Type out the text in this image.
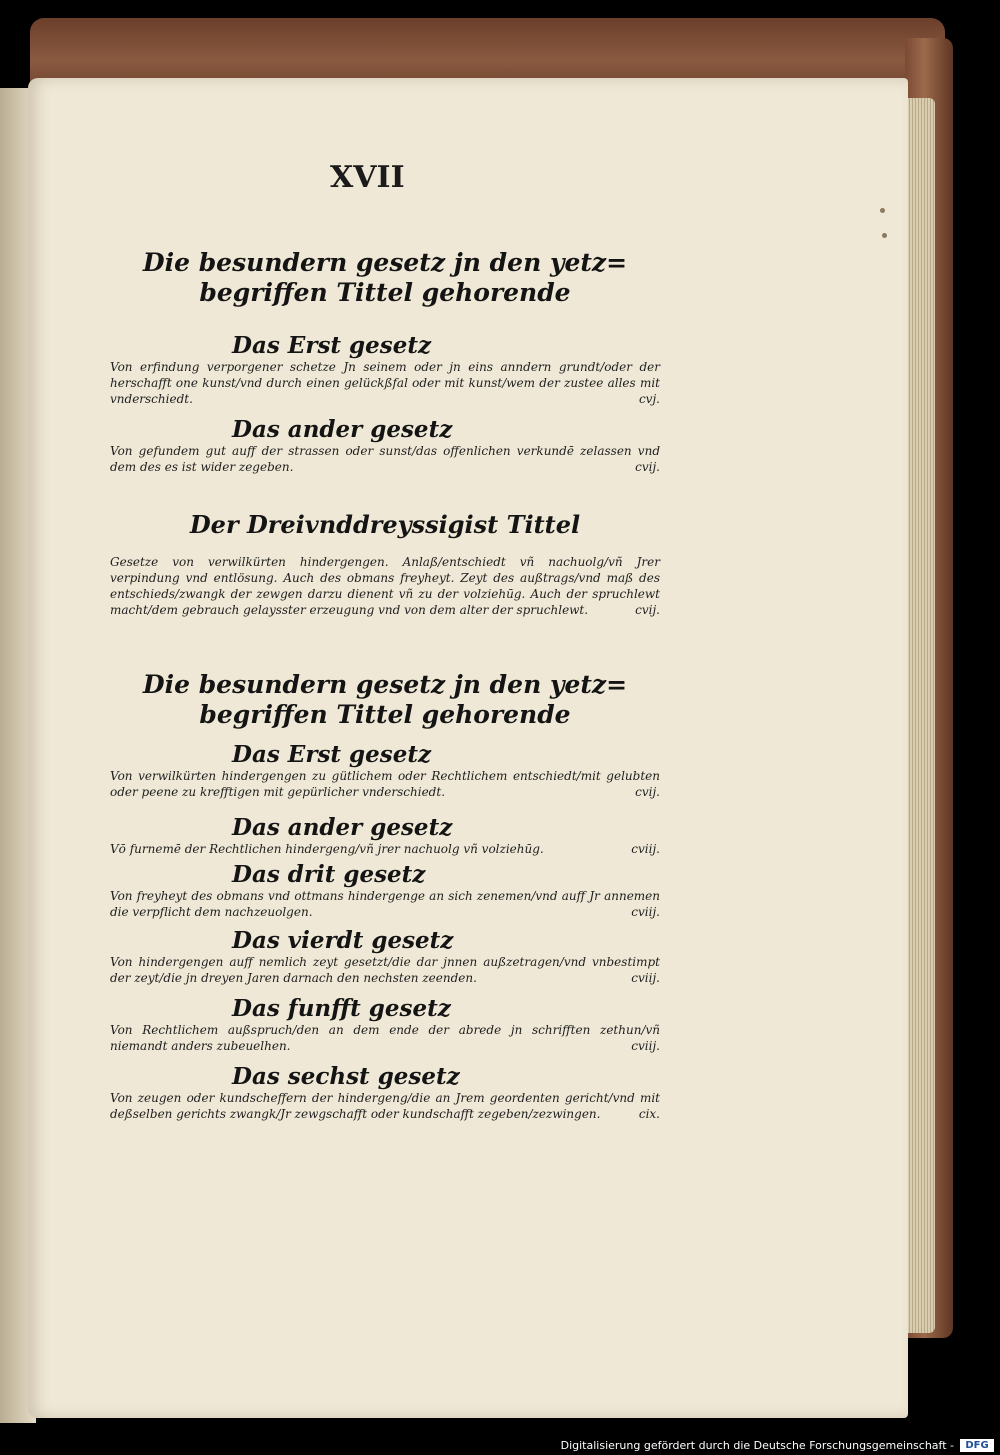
XVII
Die besundern gesetz jn den yetz=
begriffen Tittel gehorende
Das Erst gesetz
Von erfindung verporgener schetze Jn seinem oder jn eins anndern grundt/oder der herschafft one kunst/vnd durch einen gelückßfal oder mit kunst/wem der zustee alles mit vnderschiedt.	cvj.
Das ander gesetz
Von gefundem gut auff der strassen oder sunst/das offenlichen verkundē zelassen vnd dem des es ist wider zegeben.	cvij.
Der Dreivnddreyssigist Tittel
Gesetze von verwilkürten hindergengen. Anlaß/entschiedt vñ nachuolg/vñ Jrer verpindung vnd entlösung. Auch des obmans freyheyt. Zeyt des außtrags/vnd maß des entschieds/zwangk der zewgen darzu dienent vñ zu der volziehūg. Auch der spruchlewt macht/dem gebrauch gelaysster erzeugung vnd von dem alter der spruchlewt.	cvij.
Die besundern gesetz jn den yetz=
begriffen Tittel gehorende
Das Erst gesetz
Von verwilkürten hindergengen zu gütlichem oder Rechtlichem entschiedt/mit gelubten oder peene zu krefftigen mit gepürlicher vnderschiedt.	cvij.
Das ander gesetz
Vō furnemē der Rechtlichen hindergeng/vñ jrer nachuolg vñ volziehūg.	cviij.
Das drit gesetz
Von freyheyt des obmans vnd ottmans hindergenge an sich zenemen/vnd auff Jr annemen die verpflicht dem nachzeuolgen.	cviij.
Das vierdt gesetz
Von hindergengen auff nemlich zeyt gesetzt/die dar jnnen außzetragen/vnd vnbestimpt der zeyt/die jn dreyen Jaren darnach den nechsten zeenden.	cviij.
Das funfft gesetz
Von Rechtlichem außspruch/den an dem ende der abrede jn schrifften zethun/vñ niemandt anders zubeuelhen.	cviij.
Das sechst gesetz
Von zeugen oder kundscheffern der hindergeng/die an Jrem geordenten gericht/vnd mit deßselben gerichts zwangk/Jr zewgschafft oder kundschafft zegeben/zezwingen.	cix.
Digitalisierung gefördert durch die Deutsche Forschungsgemeinschaft -	DFG
